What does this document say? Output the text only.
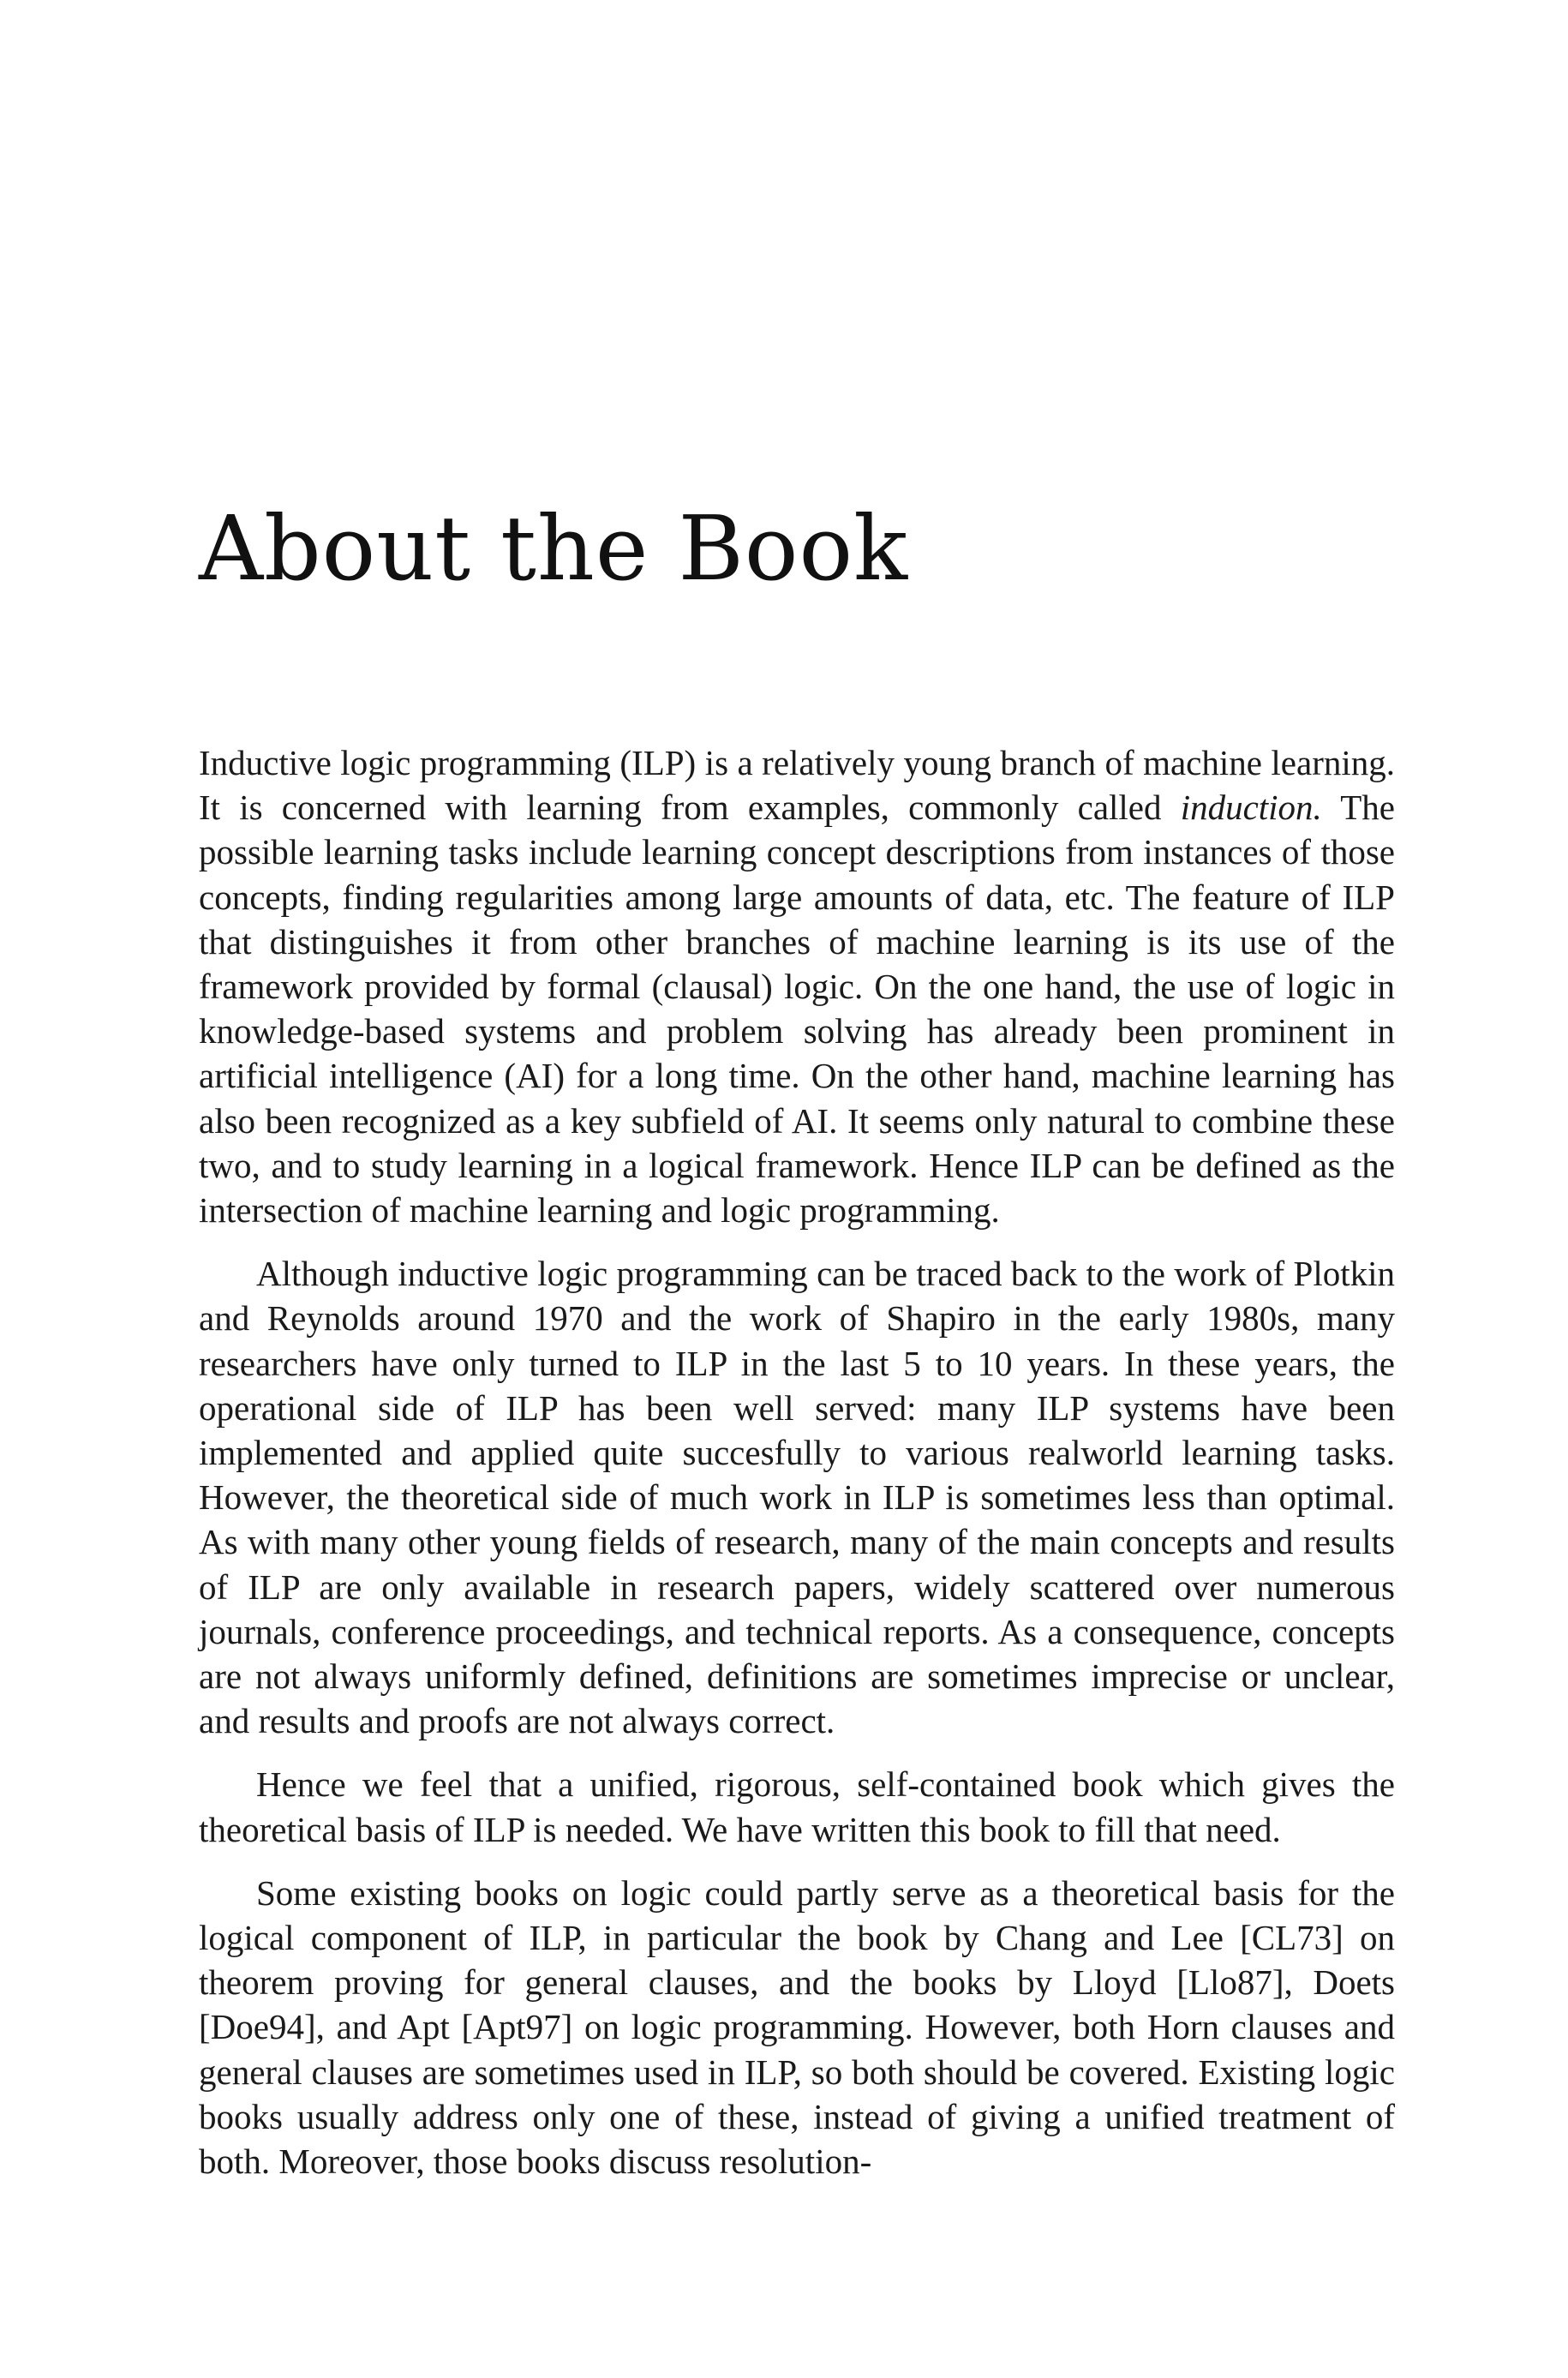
About the Book

Inductive logic programming (ILP) is a relatively young branch of machine learning. It is concerned with learning from examples, commonly called induction. The possible learning tasks include learning concept descriptions from instances of those concepts, finding regularities among large amounts of data, etc. The feature of ILP that distinguishes it from other branches of machine learning is its use of the framework provided by formal (clausal) logic. On the one hand, the use of logic in knowledge-based systems and problem solving has already been prominent in artificial intelligence (AI) for a long time. On the other hand, machine learning has also been recognized as a key subfield of AI. It seems only natural to combine these two, and to study learning in a logical framework. Hence ILP can be defined as the intersection of machine learning and logic programming.

Although inductive logic programming can be traced back to the work of Plotkin and Reynolds around 1970 and the work of Shapiro in the early 1980s, many researchers have only turned to ILP in the last 5 to 10 years. In these years, the operational side of ILP has been well served: many ILP systems have been implemented and applied quite succesfully to various realworld learning tasks. However, the theoretical side of much work in ILP is sometimes less than optimal. As with many other young fields of research, many of the main concepts and results of ILP are only available in research papers, widely scattered over numerous journals, conference proceedings, and technical reports. As a consequence, concepts are not always uniformly defined, definitions are sometimes imprecise or unclear, and results and proofs are not always correct.

Hence we feel that a unified, rigorous, self-contained book which gives the theoretical basis of ILP is needed. We have written this book to fill that need.

Some existing books on logic could partly serve as a theoretical basis for the logical component of ILP, in particular the book by Chang and Lee [CL73] on theorem proving for general clauses, and the books by Lloyd [Llo87], Doets [Doe94], and Apt [Apt97] on logic programming. However, both Horn clauses and general clauses are sometimes used in ILP, so both should be covered. Existing logic books usually address only one of these, instead of giving a unified treatment of both. Moreover, those books discuss resolution-
